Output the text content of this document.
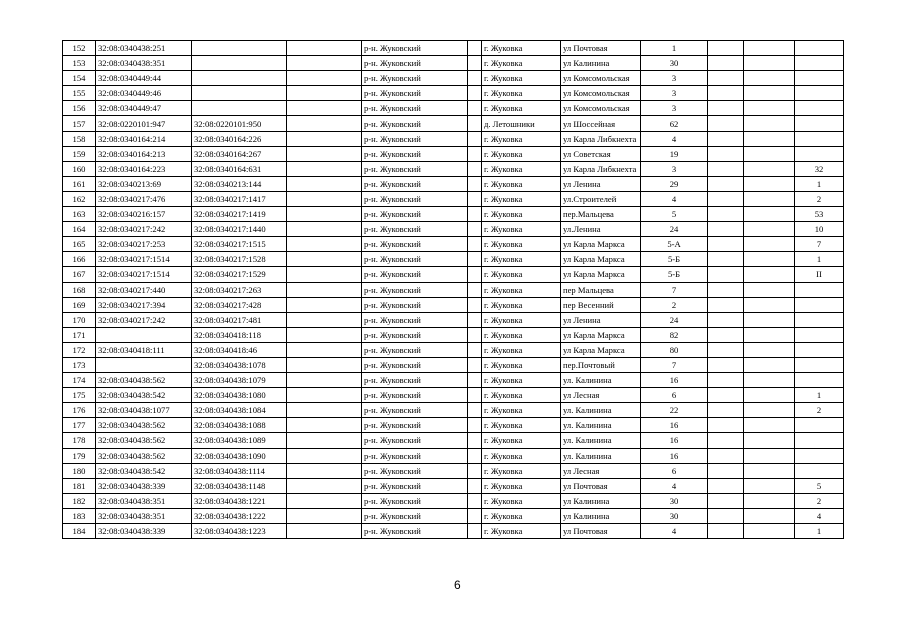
152	32:08:0340438:251			р-н. Жуковский		г. Жуковка	ул Почтовая	1			
153	32:08:0340438:351			р-н. Жуковский		г. Жуковка	ул Калинина	30			
154	32:08:0340449:44			р-н. Жуковский		г. Жуковка	ул Комсомольская	3			
155	32:08:0340449:46			р-н. Жуковский		г. Жуковка	ул Комсомольская	3			
156	32:08:0340449:47			р-н. Жуковский		г. Жуковка	ул Комсомольская	3			
157	32:08:0220101:947	32:08:0220101:950		р-н. Жуковский		д. Летошники	ул Шоссейная	62			
158	32:08:0340164:214	32:08:0340164:226		р-н. Жуковский		г. Жуковка	ул Карла Либкнехта	4			
159	32:08:0340164:213	32:08:0340164:267		р-н. Жуковский		г. Жуковка	ул Советская	19			
160	32:08:0340164:223	32:08:0340164:631		р-н. Жуковский		г. Жуковка	ул Карла Либкнехта	3			32
161	32:08:0340213:69	32:08:0340213:144		р-н. Жуковский		г. Жуковка	ул Ленина	29			1
162	32:08:0340217:476	32:08:0340217:1417		р-н. Жуковский		г. Жуковка	ул.Строителей	4			2
163	32:08:0340216:157	32:08:0340217:1419		р-н. Жуковский		г. Жуковка	пер.Мальцева	5			53
164	32:08:0340217:242	32:08:0340217:1440		р-н. Жуковский		г. Жуковка	ул.Ленина	24			10
165	32:08:0340217:253	32:08:0340217:1515		р-н. Жуковский		г. Жуковка	ул Карла Маркса	5-А			7
166	32:08:0340217:1514	32:08:0340217:1528		р-н. Жуковский		г. Жуковка	ул Карла Маркса	5-Б			1
167	32:08:0340217:1514	32:08:0340217:1529		р-н. Жуковский		г. Жуковка	ул Карла Маркса	5-Б			II
168	32:08:0340217:440	32:08:0340217:263		р-н. Жуковский		г. Жуковка	пер Мальцева	7			
169	32:08:0340217:394	32:08:0340217:428		р-н. Жуковский		г. Жуковка	пер Весенний	2			
170	32:08:0340217:242	32:08:0340217:481		р-н. Жуковский		г. Жуковка	ул Ленина	24			
171		32:08:0340418:118		р-н. Жуковский		г. Жуковка	ул Карла Маркса	82			
172	32:08:0340418:111	32:08:0340418:46		р-н. Жуковский		г. Жуковка	ул Карла Маркса	80			
173		32:08:0340438:1078		р-н. Жуковский		г. Жуковка	пер.Почтовый	7			
174	32:08:0340438:562	32:08:0340438:1079		р-н. Жуковский		г. Жуковка	ул. Калинина	16			
175	32:08:0340438:542	32:08:0340438:1080		р-н. Жуковский		г. Жуковка	ул Лесная	6			1
176	32:08:0340438:1077	32:08:0340438:1084		р-н. Жуковский		г. Жуковка	ул. Калинина	22			2
177	32:08:0340438:562	32:08:0340438:1088		р-н. Жуковский		г. Жуковка	ул. Калинина	16			
178	32:08:0340438:562	32:08:0340438:1089		р-н. Жуковский		г. Жуковка	ул. Калинина	16			
179	32:08:0340438:562	32:08:0340438:1090		р-н. Жуковский		г. Жуковка	ул. Калинина	16			
180	32:08:0340438:542	32:08:0340438:1114		р-н. Жуковский		г. Жуковка	ул Лесная	6			
181	32:08:0340438:339	32:08:0340438:1148		р-н. Жуковский		г. Жуковка	ул Почтовая	4			5
182	32:08:0340438:351	32:08:0340438:1221		р-н. Жуковский		г. Жуковка	ул Калинина	30			2
183	32:08:0340438:351	32:08:0340438:1222		р-н. Жуковский		г. Жуковка	ул Калинина	30			4
184	32:08:0340438:339	32:08:0340438:1223		р-н. Жуковский		г. Жуковка	ул Почтовая	4			1
6
